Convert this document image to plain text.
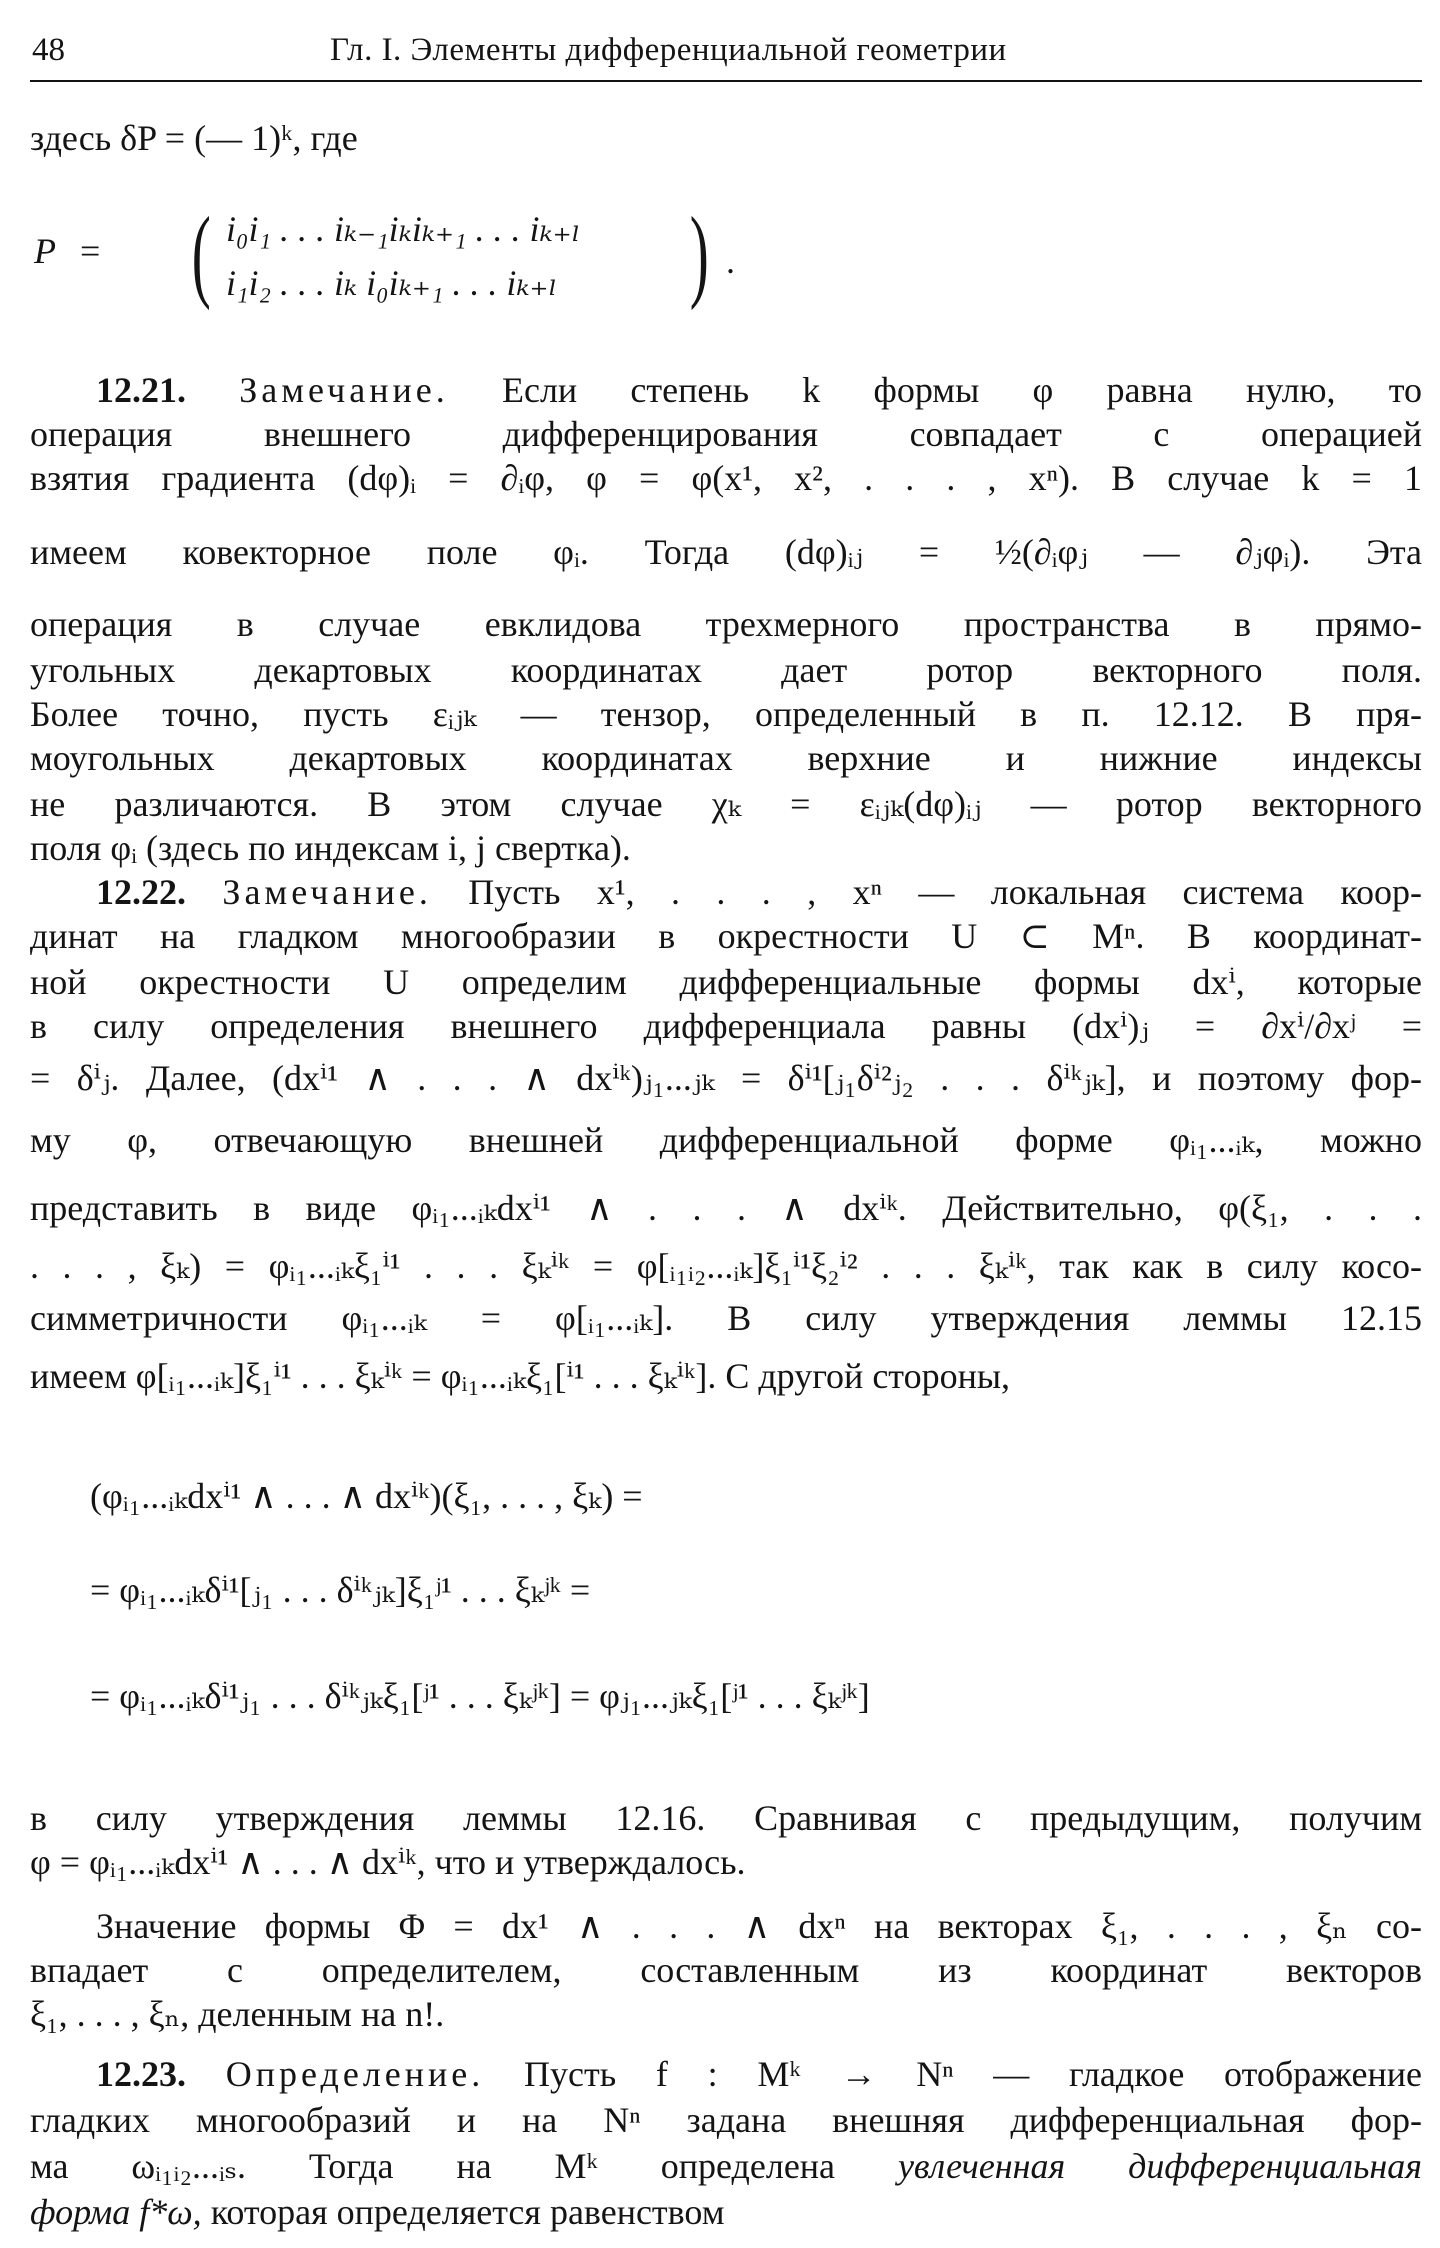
48	Гл. I. Элементы дифференциальной геометрии
здесь δP = (— 1)ᵏ, где
P = ( i₀i₁ . . . iₖ₋₁iₖiₖ₊₁ . . . iₖ₊ₗ
i₁i₂ . . . iₖ i₀iₖ₊₁ . . . iₖ₊ₗ ) .
12.21. Замечание. Если степень k формы φ равна нулю, то
операция внешнего дифференцирования совпадает с операцией
взятия градиента (dφ)ᵢ = ∂ᵢφ, φ = φ(x¹, x², . . . , xⁿ). В случае k = 1
имеем ковекторное поле φᵢ. Тогда (dφ)ᵢⱼ = ½(∂ᵢφⱼ — ∂ⱼφᵢ). Эта
операция в случае евклидова трехмерного пространства в прямо-
угольных декартовых координатах дает ротор векторного поля.
Более точно, пусть εᵢⱼₖ — тензор, определенный в п. 12.12. В пря-
моугольных декартовых координатах верхние и нижние индексы
не различаются. В этом случае χₖ = εᵢⱼₖ(dφ)ᵢⱼ — ротор векторного
поля φᵢ (здесь по индексам i, j свертка).
12.22. Замечание. Пусть x¹, . . . , xⁿ — локальная система коор-
динат на гладком многообразии в окрестности U ⊂ Mⁿ. В координат-
ной окрестности U определим дифференциальные формы dxⁱ, которые
в силу определения внешнего дифференциала равны (dxⁱ)ⱼ = ∂xⁱ/∂xʲ =
= δⁱⱼ. Далее, (dxⁱ¹ ∧ . . . ∧ dxⁱᵏ)ⱼ₁...ⱼₖ = δⁱ¹[ⱼ₁δⁱ²ⱼ₂ . . . δⁱᵏⱼₖ], и поэтому фор-
му φ, отвечающую внешней дифференциальной форме φᵢ₁...ᵢₖ, можно
представить в виде φᵢ₁...ᵢₖdxⁱ¹ ∧ . . . ∧ dxⁱᵏ. Действительно, φ(ξ₁, . . .
. . . , ξₖ) = φᵢ₁...ᵢₖξ₁ⁱ¹ . . . ξₖⁱᵏ = φ[ᵢ₁ᵢ₂...ᵢₖ]ξ₁ⁱ¹ξ₂ⁱ² . . . ξₖⁱᵏ, так как в силу косо-
симметричности φᵢ₁...ᵢₖ = φ[ᵢ₁...ᵢₖ]. В силу утверждения леммы 12.15
имеем φ[ᵢ₁...ᵢₖ]ξ₁ⁱ¹ . . . ξₖⁱᵏ = φᵢ₁...ᵢₖξ₁[ⁱ¹ . . . ξₖⁱᵏ]. С другой стороны,
(φᵢ₁...ᵢₖdxⁱ¹ ∧ . . . ∧ dxⁱᵏ)(ξ₁, . . . , ξₖ) =
= φᵢ₁...ᵢₖδⁱ¹[ⱼ₁ . . . δⁱᵏⱼₖ]ξ₁ʲ¹ . . . ξₖʲᵏ =
= φᵢ₁...ᵢₖδⁱ¹ⱼ₁ . . . δⁱᵏⱼₖξ₁[ʲ¹ . . . ξₖʲᵏ] = φⱼ₁...ⱼₖξ₁[ʲ¹ . . . ξₖʲᵏ]
в силу утверждения леммы 12.16. Сравнивая с предыдущим, получим
φ = φᵢ₁...ᵢₖdxⁱ¹ ∧ . . . ∧ dxⁱᵏ, что и утверждалось.
Значение формы Φ = dx¹ ∧ . . . ∧ dxⁿ на векторах ξ₁, . . . , ξₙ со-
впадает с определителем, составленным из координат векторов
ξ₁, . . . , ξₙ, деленным на n!.
12.23. Определение. Пусть f : Mᵏ → Nⁿ — гладкое отображение
гладких многообразий и на Nⁿ задана внешняя дифференциальная фор-
ма ωᵢ₁ᵢ₂...ᵢₛ. Тогда на Mᵏ определена увлеченная дифференциальная
форма f*ω, которая определяется равенством
